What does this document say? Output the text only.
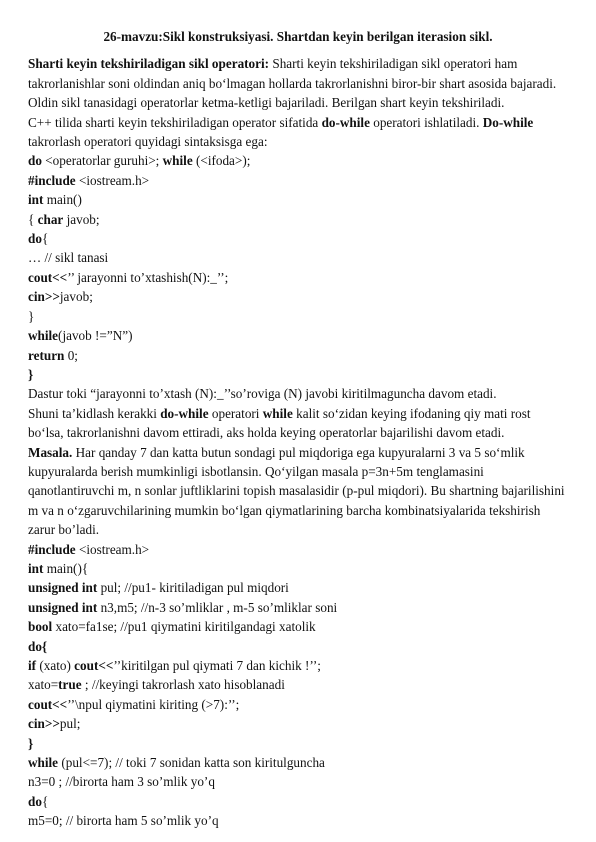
26-mavzu:Sikl konstruksiyasi. Shartdan keyin berilgan iterasion sikl.
Sharti keyin tekshiriladigan sikl operatori: Sharti keyin tekshiriladigan sikl operatori ham takrorlanishlar soni oldindan aniq bo‘lmagan hollarda takrorlanishni biror-bir shart asosida bajaradi. Oldin sikl tanasidagi operatorlar ketma-ketligi bajariladi. Berilgan shart keyin tekshiriladi.
C++ tilida sharti keyin tekshiriladigan operator sifatida do-while operatori ishlatiladi. Do-while takrorlash operatori quyidagi sintaksisga ega:
do <operatorlar guruhi>; while (<ifoda>);
#include <iostream.h>
int main()
{ char javob;
do{
… // sikl tanasi
cout<<’’ jarayonni to’xtashish(N):_’’;
cin>>javob;
}
while(javob !=”N”)
return 0;
}
Dastur toki “jarayonni to’xtash (N):_’’so’roviga (N) javobi kiritilmaguncha davom etadi.
Shuni ta’kidlash kerakki do-while operatori while kalit so‘zidan keying ifodaning qiy mati rost bo‘lsa, takrorlanishni davom ettiradi, aks holda keying operatorlar bajarilishi davom etadi.
Masala. Har qanday 7 dan katta butun sondagi pul miqdoriga ega kupyuralarni 3 va 5 so‘mlik kupyuralarda berish mumkinligi isbotlansin. Qo‘yilgan masala p=3n+5m tenglamasini qanotlantiruvchi m, n sonlar juftliklarini topish masalasidir (p-pul miqdori). Bu shartning bajarilishini m va n o‘zgaruvchilarining mumkin bo‘lgan qiymatlarining barcha kombinatsiyalarida tekshirish zarur bo’ladi.
#include <iostream.h>
int main(){
unsigned int pul; //pu1- kiritiladigan pul miqdori
unsigned int n3,m5; //n-3 so’mliklar , m-5 so’mliklar soni
bool xato=fa1se; //pu1 qiymatini kiritilgandagi xatolik
do{
if (xato) cout<<’’kiritilgan pul qiymati 7 dan kichik !’’;
xato=true ; //keyingi takrorlash xato hisoblanadi
cout<<’’\npul qiymatini kiriting (>7):’’;
cin>>pul;
}
while (pul<=7); // toki 7 sonidan katta son kiritulguncha
n3=0 ; //birorta ham 3 so’mlik yo’q
do{
m5=0; // birorta ham 5 so’mlik yo’q
